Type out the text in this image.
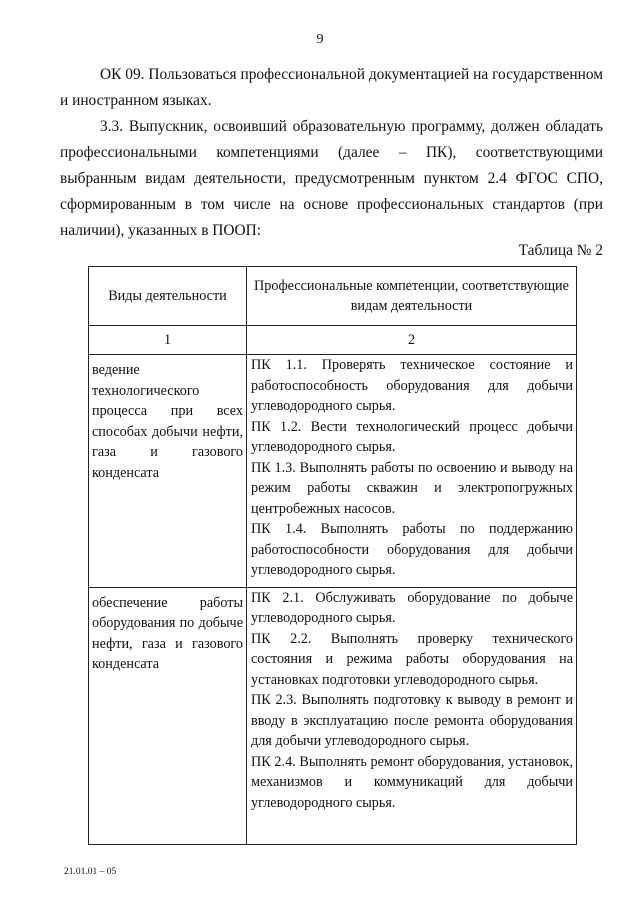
9

ОК 09. Пользоваться профессиональной документацией на государственном и иностранном языках.

3.3. Выпускник, освоивший образовательную программу, должен обладать профессиональными компетенциями (далее – ПК), соответствующими выбранным видам деятельности, предусмотренным пунктом 2.4 ФГОС СПО, сформированным в том числе на основе профессиональных стандартов (при наличии), указанных в ПООП:

Таблица № 2
Виды деятельности	Профессиональные компетенции, соответствующие видам деятельности
1	2
ведение технологического процесса при всех способах добычи нефти, газа и газового конденсата	ПК 1.1. Проверять техническое состояние и работоспособность оборудования для добычи углеводородного сырья.
ПК 1.2. Вести технологический процесс добычи углеводородного сырья.
ПК 1.3. Выполнять работы по освоению и выводу на режим работы скважин и электропогружных центробежных насосов.
ПК 1.4. Выполнять работы по поддержанию работоспособности оборудования для добычи углеводородного сырья.

обеспечение работы оборудования по добыче нефти, газа и газового конденсата	ПК 2.1. Обслуживать оборудование по добыче углеводородного сырья.
ПК 2.2. Выполнять проверку технического состояния и режима работы оборудования на установках подготовки углеводородного сырья.
ПК 2.3. Выполнять подготовку к выводу в ремонт и вводу в эксплуатацию после ремонта оборудования для добычи углеводородного сырья.
ПК 2.4. Выполнять ремонт оборудования, установок, механизмов и коммуникаций для добычи углеводородного сырья.
21.01.01 – 05
